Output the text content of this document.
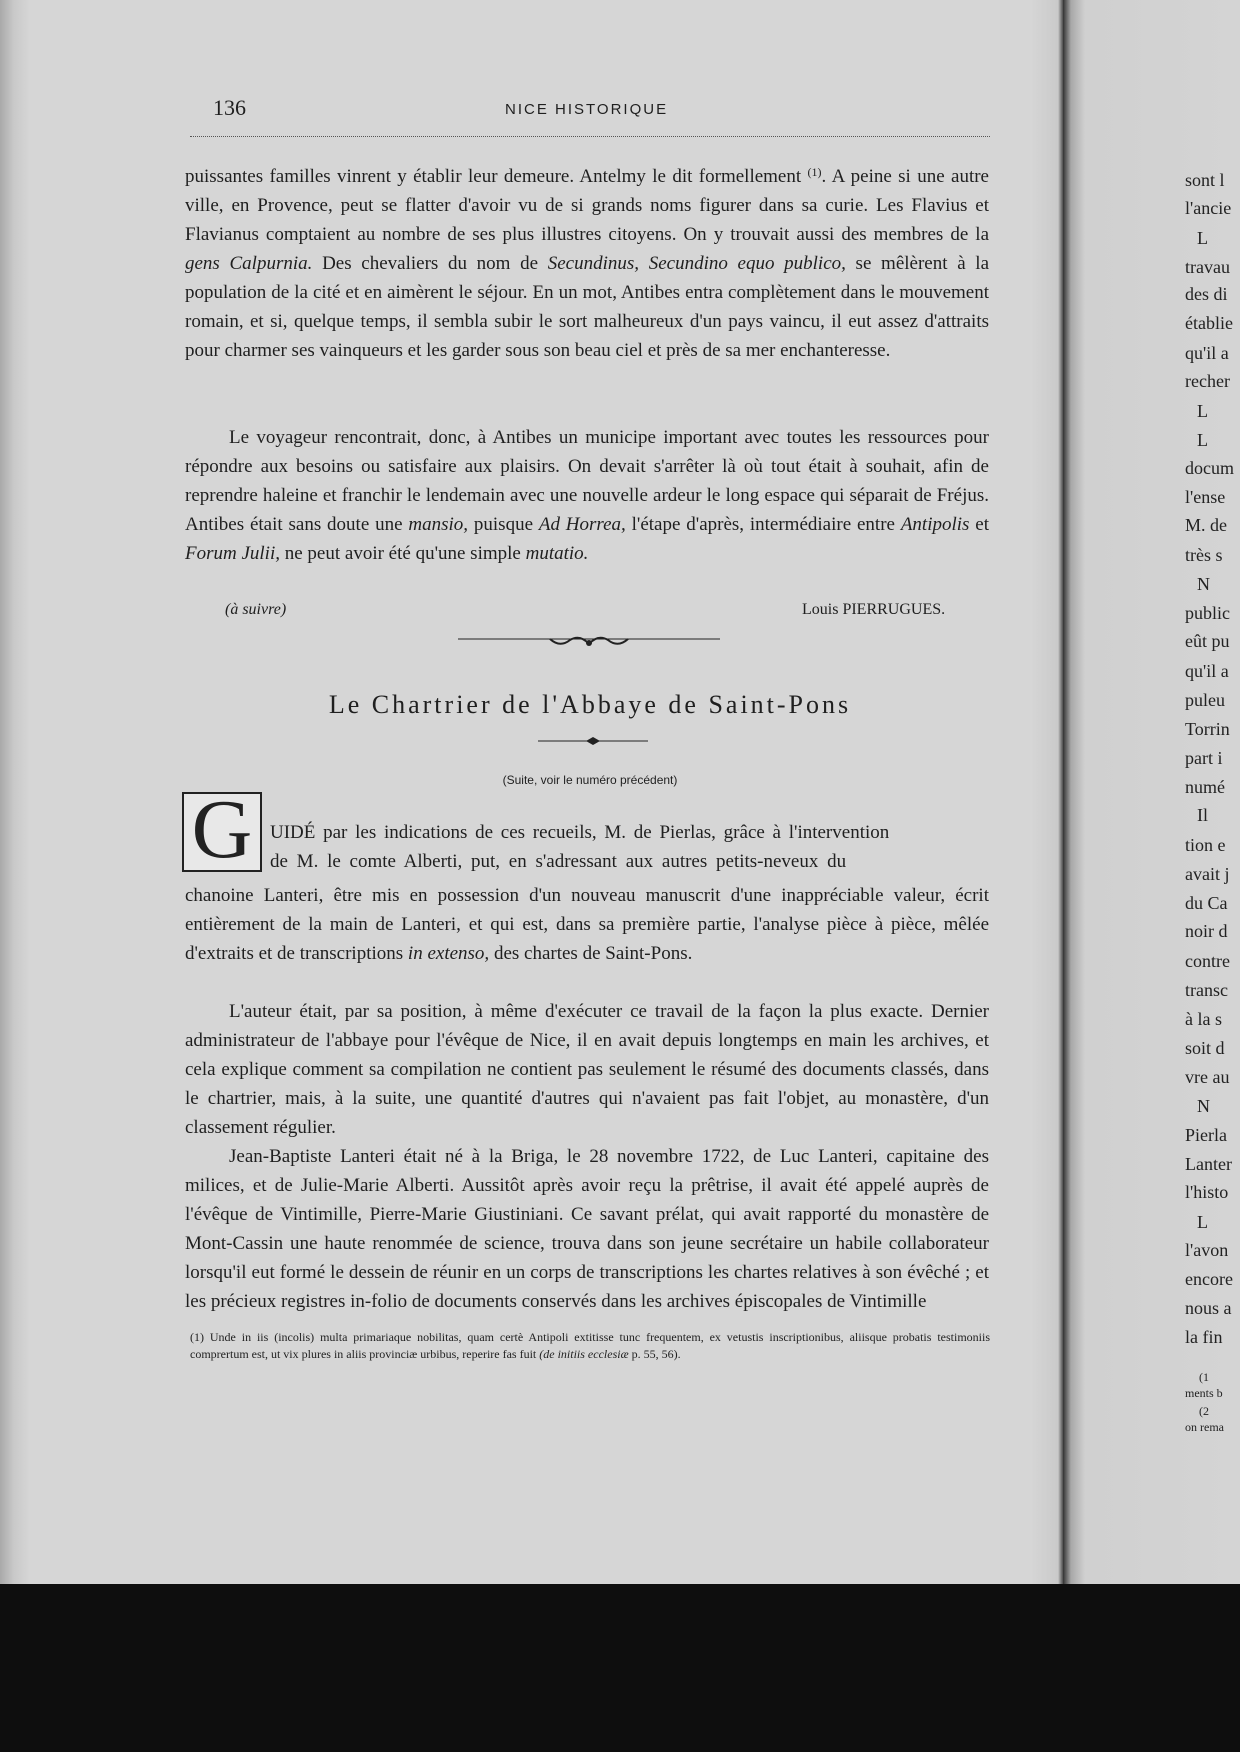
136	NICE HISTORIQUE

puissantes familles vinrent y établir leur demeure. Antelmy le dit formellement $^{(1)}$. A peine si une autre ville, en Provence, peut se flatter d'avoir vu de si grands noms figurer dans sa curie. Les Flavius et Flavianus comptaient au nombre de ses plus illustres citoyens. On y trouvait aussi des membres de la gens Calpurnia. Des chevaliers du nom de Secundinus, Secundino equo publico, se mêlèrent à la population de la cité et en aimèrent le séjour. En un mot, Antibes entra complètement dans le mouvement romain, et si, quelque temps, il sembla subir le sort malheureux d'un pays vaincu, il eut assez d'attraits pour charmer ses vainqueurs et les garder sous son beau ciel et près de sa mer enchanteresse.

Le voyageur rencontrait, donc, à Antibes un municipe important avec toutes les ressources pour répondre aux besoins ou satisfaire aux plaisirs. On devait s'arrêter là où tout était à souhait, afin de reprendre haleine et franchir le lendemain avec une nouvelle ardeur le long espace qui séparait de Fréjus. Antibes était sans doute une mansio, puisque Ad Horrea, l'étape d'après, intermédiaire entre Antipolis et Forum Julii, ne peut avoir été qu'une simple mutatio.

(à suivre)	Louis PIERRUGUES.
Le Chartrier de l'Abbaye de Saint-Pons
(Suite, voir le numéro précédent)
G UIDÉ par les indications de ces recueils, M. de Pierlas, grâce à l'intervention
de M. le comte Alberti, put, en s'adressant aux autres petits-neveux du

chanoine Lanteri, être mis en possession d'un nouveau manuscrit d'une inappréciable valeur, écrit entièrement de la main de Lanteri, et qui est, dans sa première partie, l'analyse pièce à pièce, mêlée d'extraits et de transcriptions in extenso, des chartes de Saint-Pons.

L'auteur était, par sa position, à même d'exécuter ce travail de la façon la plus exacte. Dernier administrateur de l'abbaye pour l'évêque de Nice, il en avait depuis longtemps en main les archives, et cela explique comment sa compilation ne contient pas seulement le résumé des documents classés, dans le chartrier, mais, à la suite, une quantité d'autres qui n'avaient pas fait l'objet, au monastère, d'un classement régulier.

Jean-Baptiste Lanteri était né à la Briga, le 28 novembre 1722, de Luc Lanteri, capitaine des milices, et de Julie-Marie Alberti. Aussitôt après avoir reçu la prêtrise, il avait été appelé auprès de l'évêque de Vintimille, Pierre-Marie Giustiniani. Ce savant prélat, qui avait rapporté du monastère de Mont-Cassin une haute renommée de science, trouva dans son jeune secrétaire un habile collaborateur lorsqu'il eut formé le dessein de réunir en un corps de transcriptions les chartes relatives à son évêché ; et les précieux registres in-folio de documents conservés dans les archives épiscopales de Vintimille

(1) Unde in iis (incolis) multa primariaque nobilitas, quam certè Antipoli extitisse tunc frequentem, ex vetustis inscriptionibus, aliisque probatis testimoniis comprertum est, ut vix plures in aliis provinciæ urbibus, reperire fas fuit (de initiis ecclesiæ p. 55, 56).

sont l
l'ancie
L
travau
des di
établie
qu'il a
recher
L
L
docum
l'ense
M. de
très s
N
public
eût pu
qu'il a
puleu
Torrin
part i
numé
Il
tion e
avait j
du Ca
noir d
contre
transc
à la s
soit d
vre au
N
Pierla
Lanter
l'histo
L
l'avon
encore
nous a
la fin
(1
ments b
(2
on rema
